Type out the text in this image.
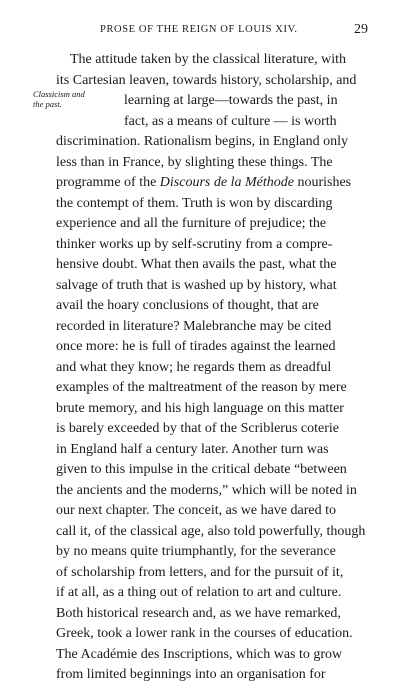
PROSE OF THE REIGN OF LOUIS XIV.	29
Classicism and
the past.
The attitude taken by the classical literature, with
its Cartesian leaven, towards history, scholarship, and
learning at large—towards the past, in
fact, as a means of culture — is worth
discrimination. Rationalism begins, in England only
less than in France, by slighting these things. The
programme of the
Discours de la Méthode
nourishes
the contempt of them. Truth is won by discarding
experience and all the furniture of prejudice; the
thinker works up by self-scrutiny from a compre-
hensive doubt. What then avails the past, what the
salvage of truth that is washed up by history, what
avail the hoary conclusions of thought, that are
recorded in literature? Malebranche may be cited
once more: he is full of tirades against the learned
and what they know; he regards them as dreadful
examples of the maltreatment of the reason by mere
brute memory, and his high language on this matter
is barely exceeded by that of the Scriblerus coterie
in England half a century later. Another turn was
given to this impulse in the critical debate “between
the ancients and the moderns,” which will be noted in
our next chapter. The conceit, as we have dared to
call it, of the classical age, also told powerfully, though
by no means quite triumphantly, for the severance
of scholarship from letters, and for the pursuit of it,
if at all, as a thing out of relation to art and culture.
Both historical research and, as we have remarked,
Greek, took a lower rank in the courses of education.
The Académie des Inscriptions, which was to grow
from limited beginnings into an organisation for
